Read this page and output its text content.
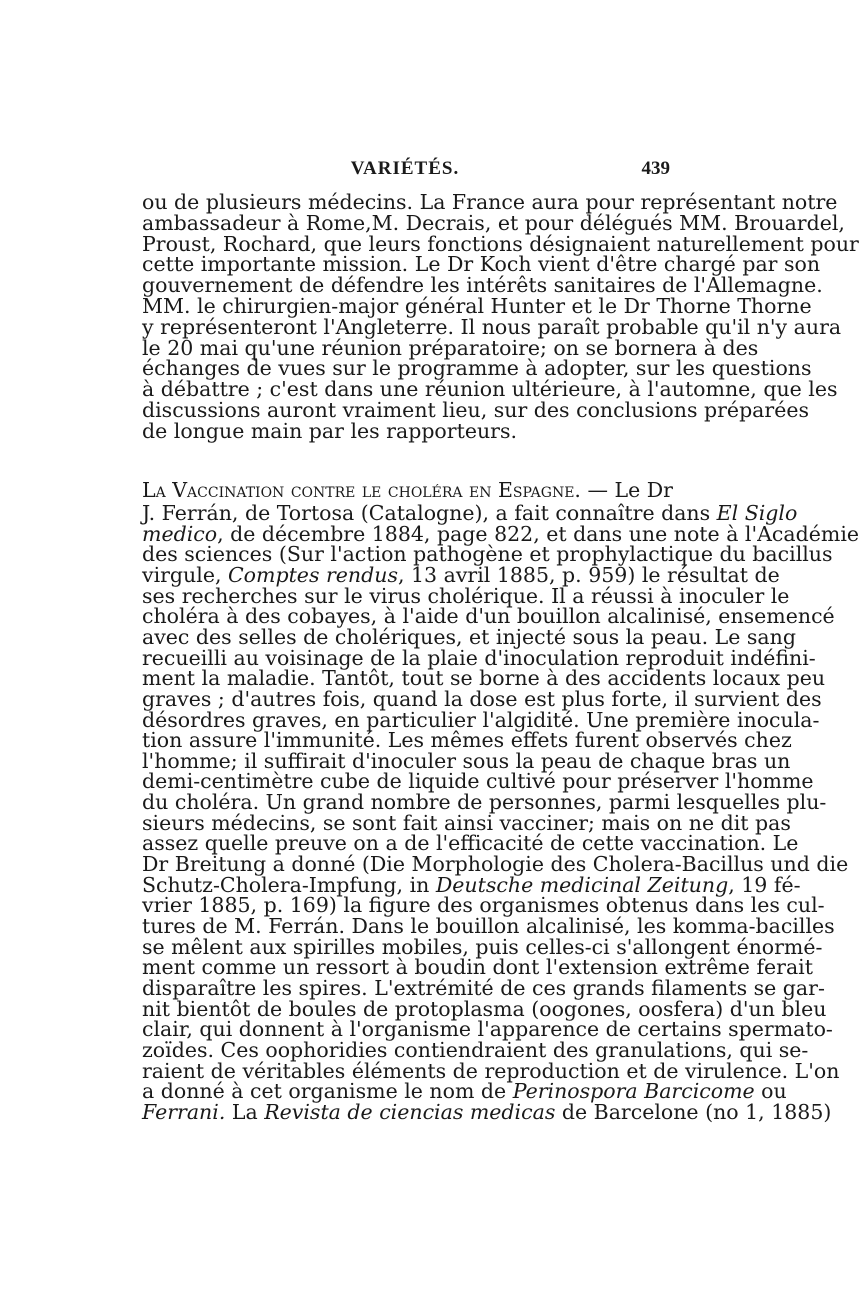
VARIÉTÉS.	439
ou de plusieurs médecins. La France aura pour représentant notre
ambassadeur à Rome,M. Decrais, et pour délégués MM. Brouardel,
Proust, Rochard, que leurs fonctions désignaient naturellement pour
cette importante mission. Le Dr Koch vient d'être chargé par son
gouvernement de défendre les intérêts sanitaires de l'Allemagne.
MM. le chirurgien-major général Hunter et le Dr Thorne Thorne
y représenteront l'Angleterre. Il nous paraît probable qu'il n'y aura
le 20 mai qu'une réunion préparatoire; on se bornera à des
échanges de vues sur le programme à adopter, sur les questions
à débattre ; c'est dans une réunion ultérieure, à l'automne, que les
discussions auront vraiment lieu, sur des conclusions préparées
de longue main par les rapporteurs.
J. Ferrán, de Tortosa (Catalogne), a fait connaître dans El Siglo
medico, de décembre 1884, page 822, et dans une note à l'Académie
des sciences (Sur l'action pathogène et prophylactique du bacillus
virgule, Comptes rendus, 13 avril 1885, p. 959) le résultat de
ses recherches sur le virus cholérique. Il a réussi à inoculer le
choléra à des cobayes, à l'aide d'un bouillon alcalinisé, ensemencé
avec des selles de cholériques, et injecté sous la peau. Le sang
recueilli au voisinage de la plaie d'inoculation reproduit indéfini-
ment la maladie. Tantôt, tout se borne à des accidents locaux peu
graves ; d'autres fois, quand la dose est plus forte, il survient des
désordres graves, en particulier l'algidité. Une première inocula-
tion assure l'immunité. Les mêmes effets furent observés chez
l'homme; il suffirait d'inoculer sous la peau de chaque bras un
demi-centimètre cube de liquide cultivé pour préserver l'homme
du choléra. Un grand nombre de personnes, parmi lesquelles plu-
sieurs médecins, se sont fait ainsi vacciner; mais on ne dit pas
assez quelle preuve on a de l'efficacité de cette vaccination. Le
Dr Breitung a donné (Die Morphologie des Cholera-Bacillus und die
Schutz-Cholera-Impfung, in Deutsche medicinal Zeitung, 19 fé-
vrier 1885, p. 169) la figure des organismes obtenus dans les cul-
tures de M. Ferrán. Dans le bouillon alcalinisé, les komma-bacilles
se mêlent aux spirilles mobiles, puis celles-ci s'allongent énormé-
ment comme un ressort à boudin dont l'extension extrême ferait
disparaître les spires. L'extrémité de ces grands filaments se gar-
nit bientôt de boules de protoplasma (oogones, oosfera) d'un bleu
clair, qui donnent à l'organisme l'apparence de certains spermato-
zoïdes. Ces oophoridies contiendraient des granulations, qui se-
raient de véritables éléments de reproduction et de virulence. L'on
a donné à cet organisme le nom de Perinospora Barcicome ou
Ferrani. La Revista de ciencias medicas de Barcelone (no 1, 1885)
La Vaccination contre le choléra en Espagne. — Le Dr
